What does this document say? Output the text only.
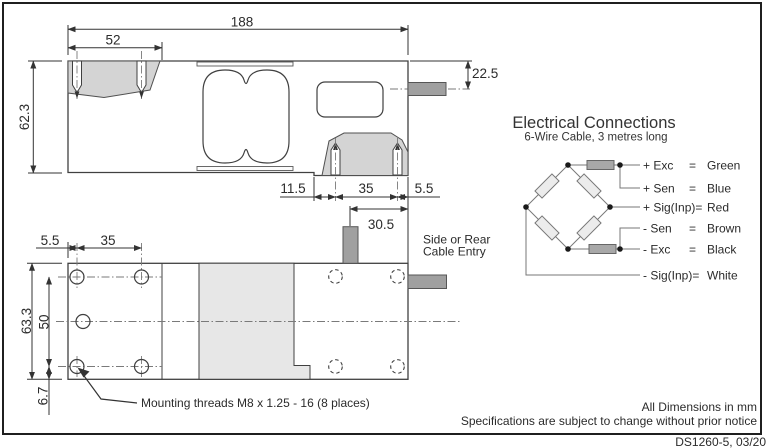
188
52
62.3
22.5
11.5	35	5.5
5.5	35
30.5
63.3 50
6.7	Mounting threads M8 x 1.25 - 16 (8 places)
Side or Rear
Cable Entry
Electrical Connections
6-Wire Cable, 3 metres long
+ Exc = Green
+ Sen = Blue
+ Sig(Inp)= Red
- Sen = Brown
- Exc = Black
- Sig(Inp)= White
All Dimensions in mm
Specifications are subject to change without prior notice
DS1260-5, 03/20
